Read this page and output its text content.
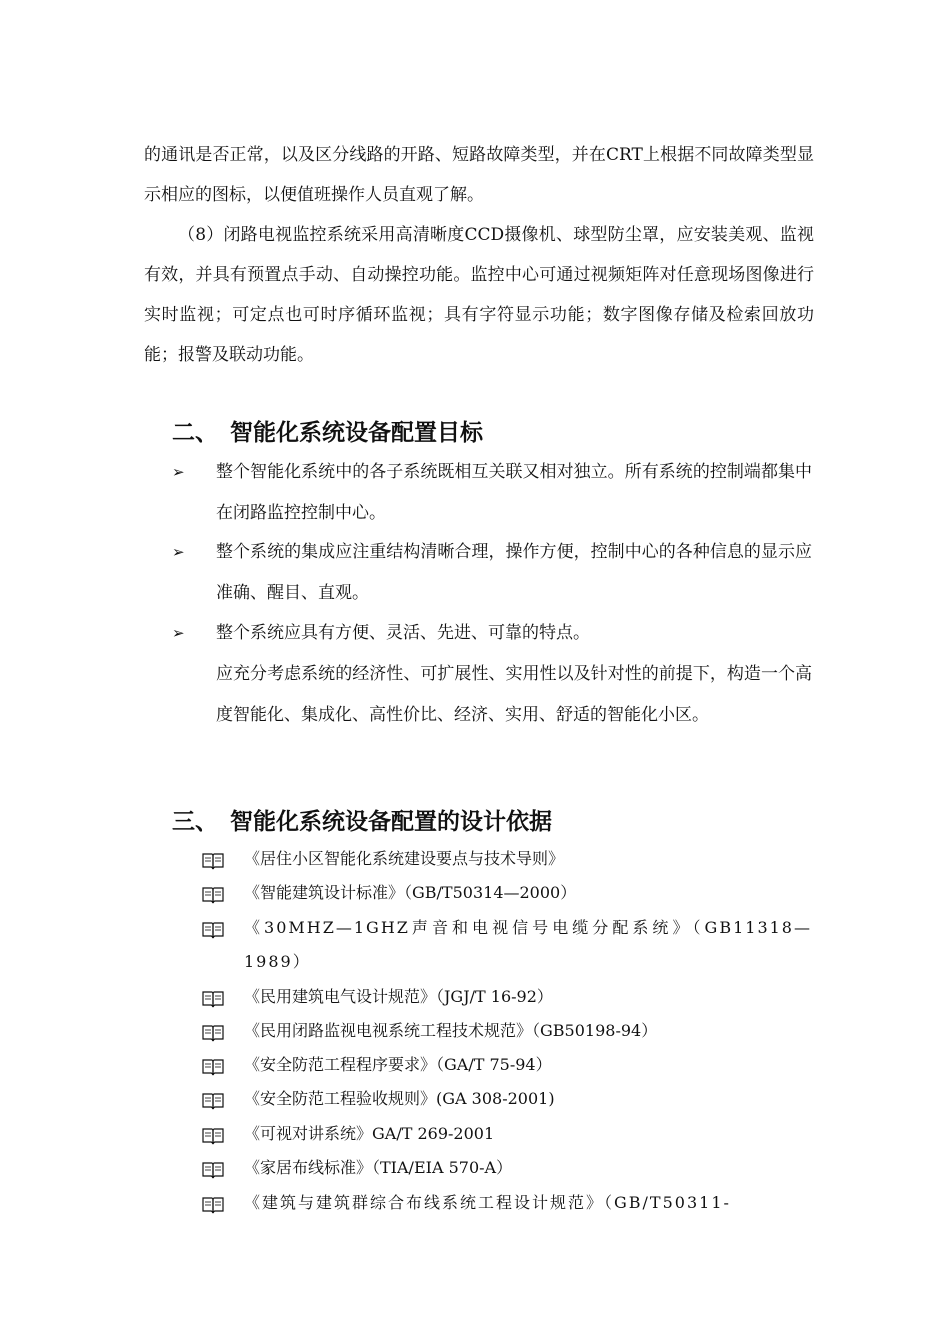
的通讯是否正常，以及区分线路的开路、短路故障类型，并在CRT上根据不同故障类型显示相应的图标，以便值班操作人员直观了解。

（8）闭路电视监控系统采用高清晰度CCD摄像机、球型防尘罩，应安装美观、监视有效，并具有预置点手动、自动操控功能。监控中心可通过视频矩阵对任意现场图像进行实时监视；可定点也可时序循环监视；具有字符显示功能；数字图像存储及检索回放功能；报警及联动功能。

二、 智能化系统设备配置目标
➢	整个智能化系统中的各子系统既相互关联又相对独立。所有系统的控制端都集中在闭路监控控制中心。
➢	整个系统的集成应注重结构清晰合理，操作方便，控制中心的各种信息的显示应准确、醒目、直观。
➢	整个系统应具有方便、灵活、先进、可靠的特点。

应充分考虑系统的经济性、可扩展性、实用性以及针对性的前提下，构造一个高度智能化、集成化、高性价比、经济、实用、舒适的智能化小区。

三、 智能化系统设备配置的设计依据
《居住小区智能化系统建设要点与技术导则》
《智能建筑设计标准》（GB/T50314—2000）
《30MHZ—1GHZ声音和电视信号电缆分配系统》（GB11318—1989）
《民用建筑电气设计规范》（JGJ/T 16-92）
《民用闭路监视电视系统工程技术规范》（GB50198-94）
《安全防范工程程序要求》（GA/T 75-94）
《安全防范工程验收规则》(GA 308-2001)
《可视对讲系统》GA/T 269-2001
《家居布线标准》（TIA/EIA 570-A）
《建筑与建筑群综合布线系统工程设计规范》（GB/T50311-
